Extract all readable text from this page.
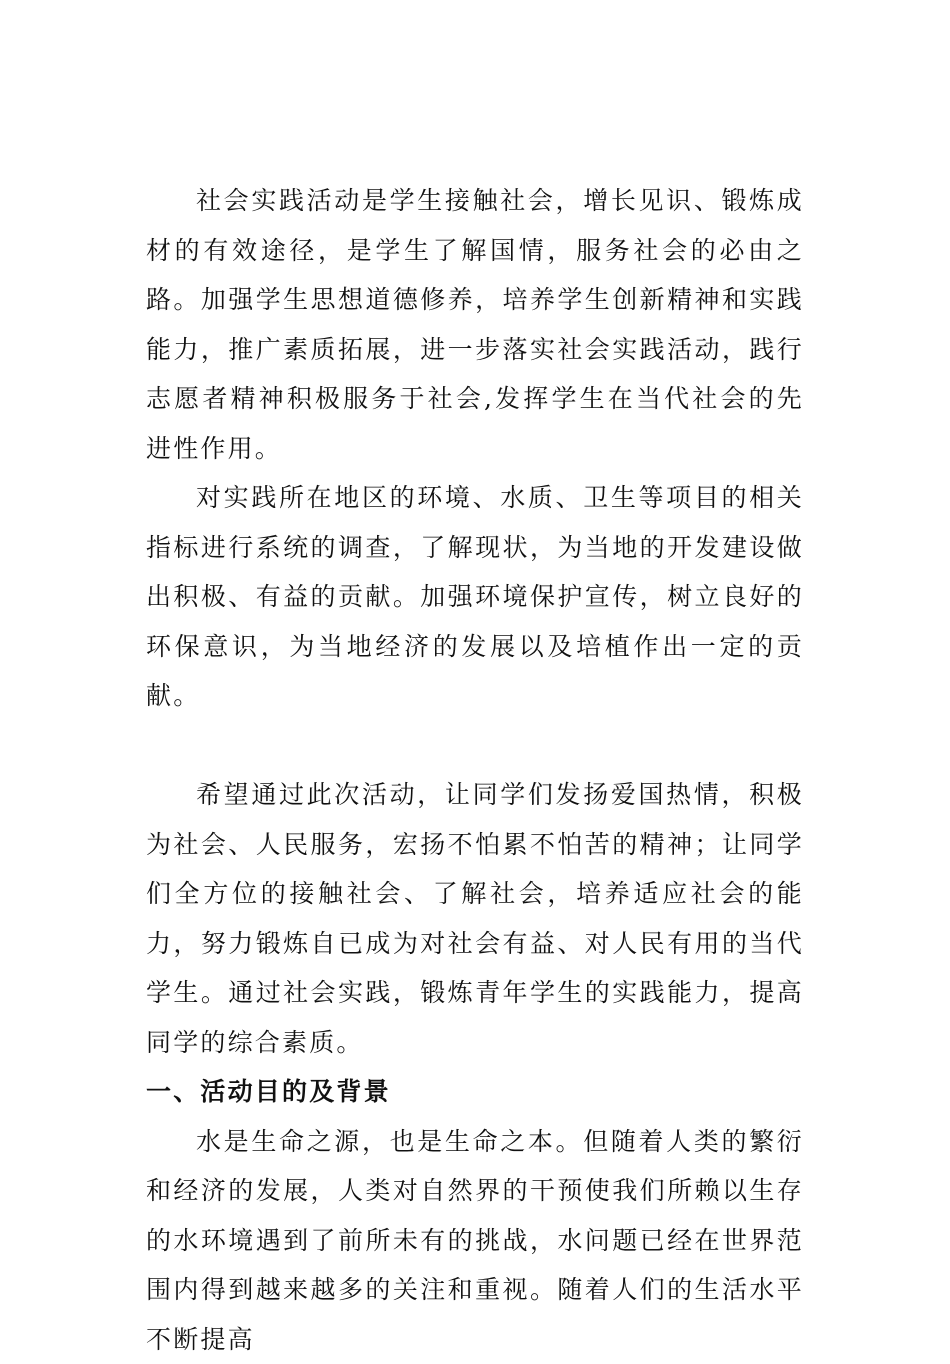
社会实践活动是学生接触社会，增长见识、锻炼成材的有效途径，是学生了解国情，服务社会的必由之路。加强学生思想道德修养，培养学生创新精神和实践能力，推广素质拓展，进一步落实社会实践活动，践行志愿者精神积极服务于社会,发挥学生在当代社会的先进性作用。

对实践所在地区的环境、水质、卫生等项目的相关指标进行系统的调查，了解现状，为当地的开发建设做出积极、有益的贡献。加强环境保护宣传，树立良好的环保意识，为当地经济的发展以及培植作出一定的贡献。

希望通过此次活动，让同学们发扬爱国热情，积极为社会、人民服务，宏扬不怕累不怕苦的精神；让同学们全方位的接触社会、了解社会，培养适应社会的能力，努力锻炼自已成为对社会有益、对人民有用的当代学生。通过社会实践，锻炼青年学生的实践能力，提高同学的综合素质。

一、活动目的及背景

水是生命之源，也是生命之本。但随着人类的繁衍和经济的发展，人类对自然界的干预使我们所赖以生存的水环境遇到了前所未有的挑战，水问题已经在世界范围内得到越来越多的关注和重视。随着人们的生活水平不断提高
